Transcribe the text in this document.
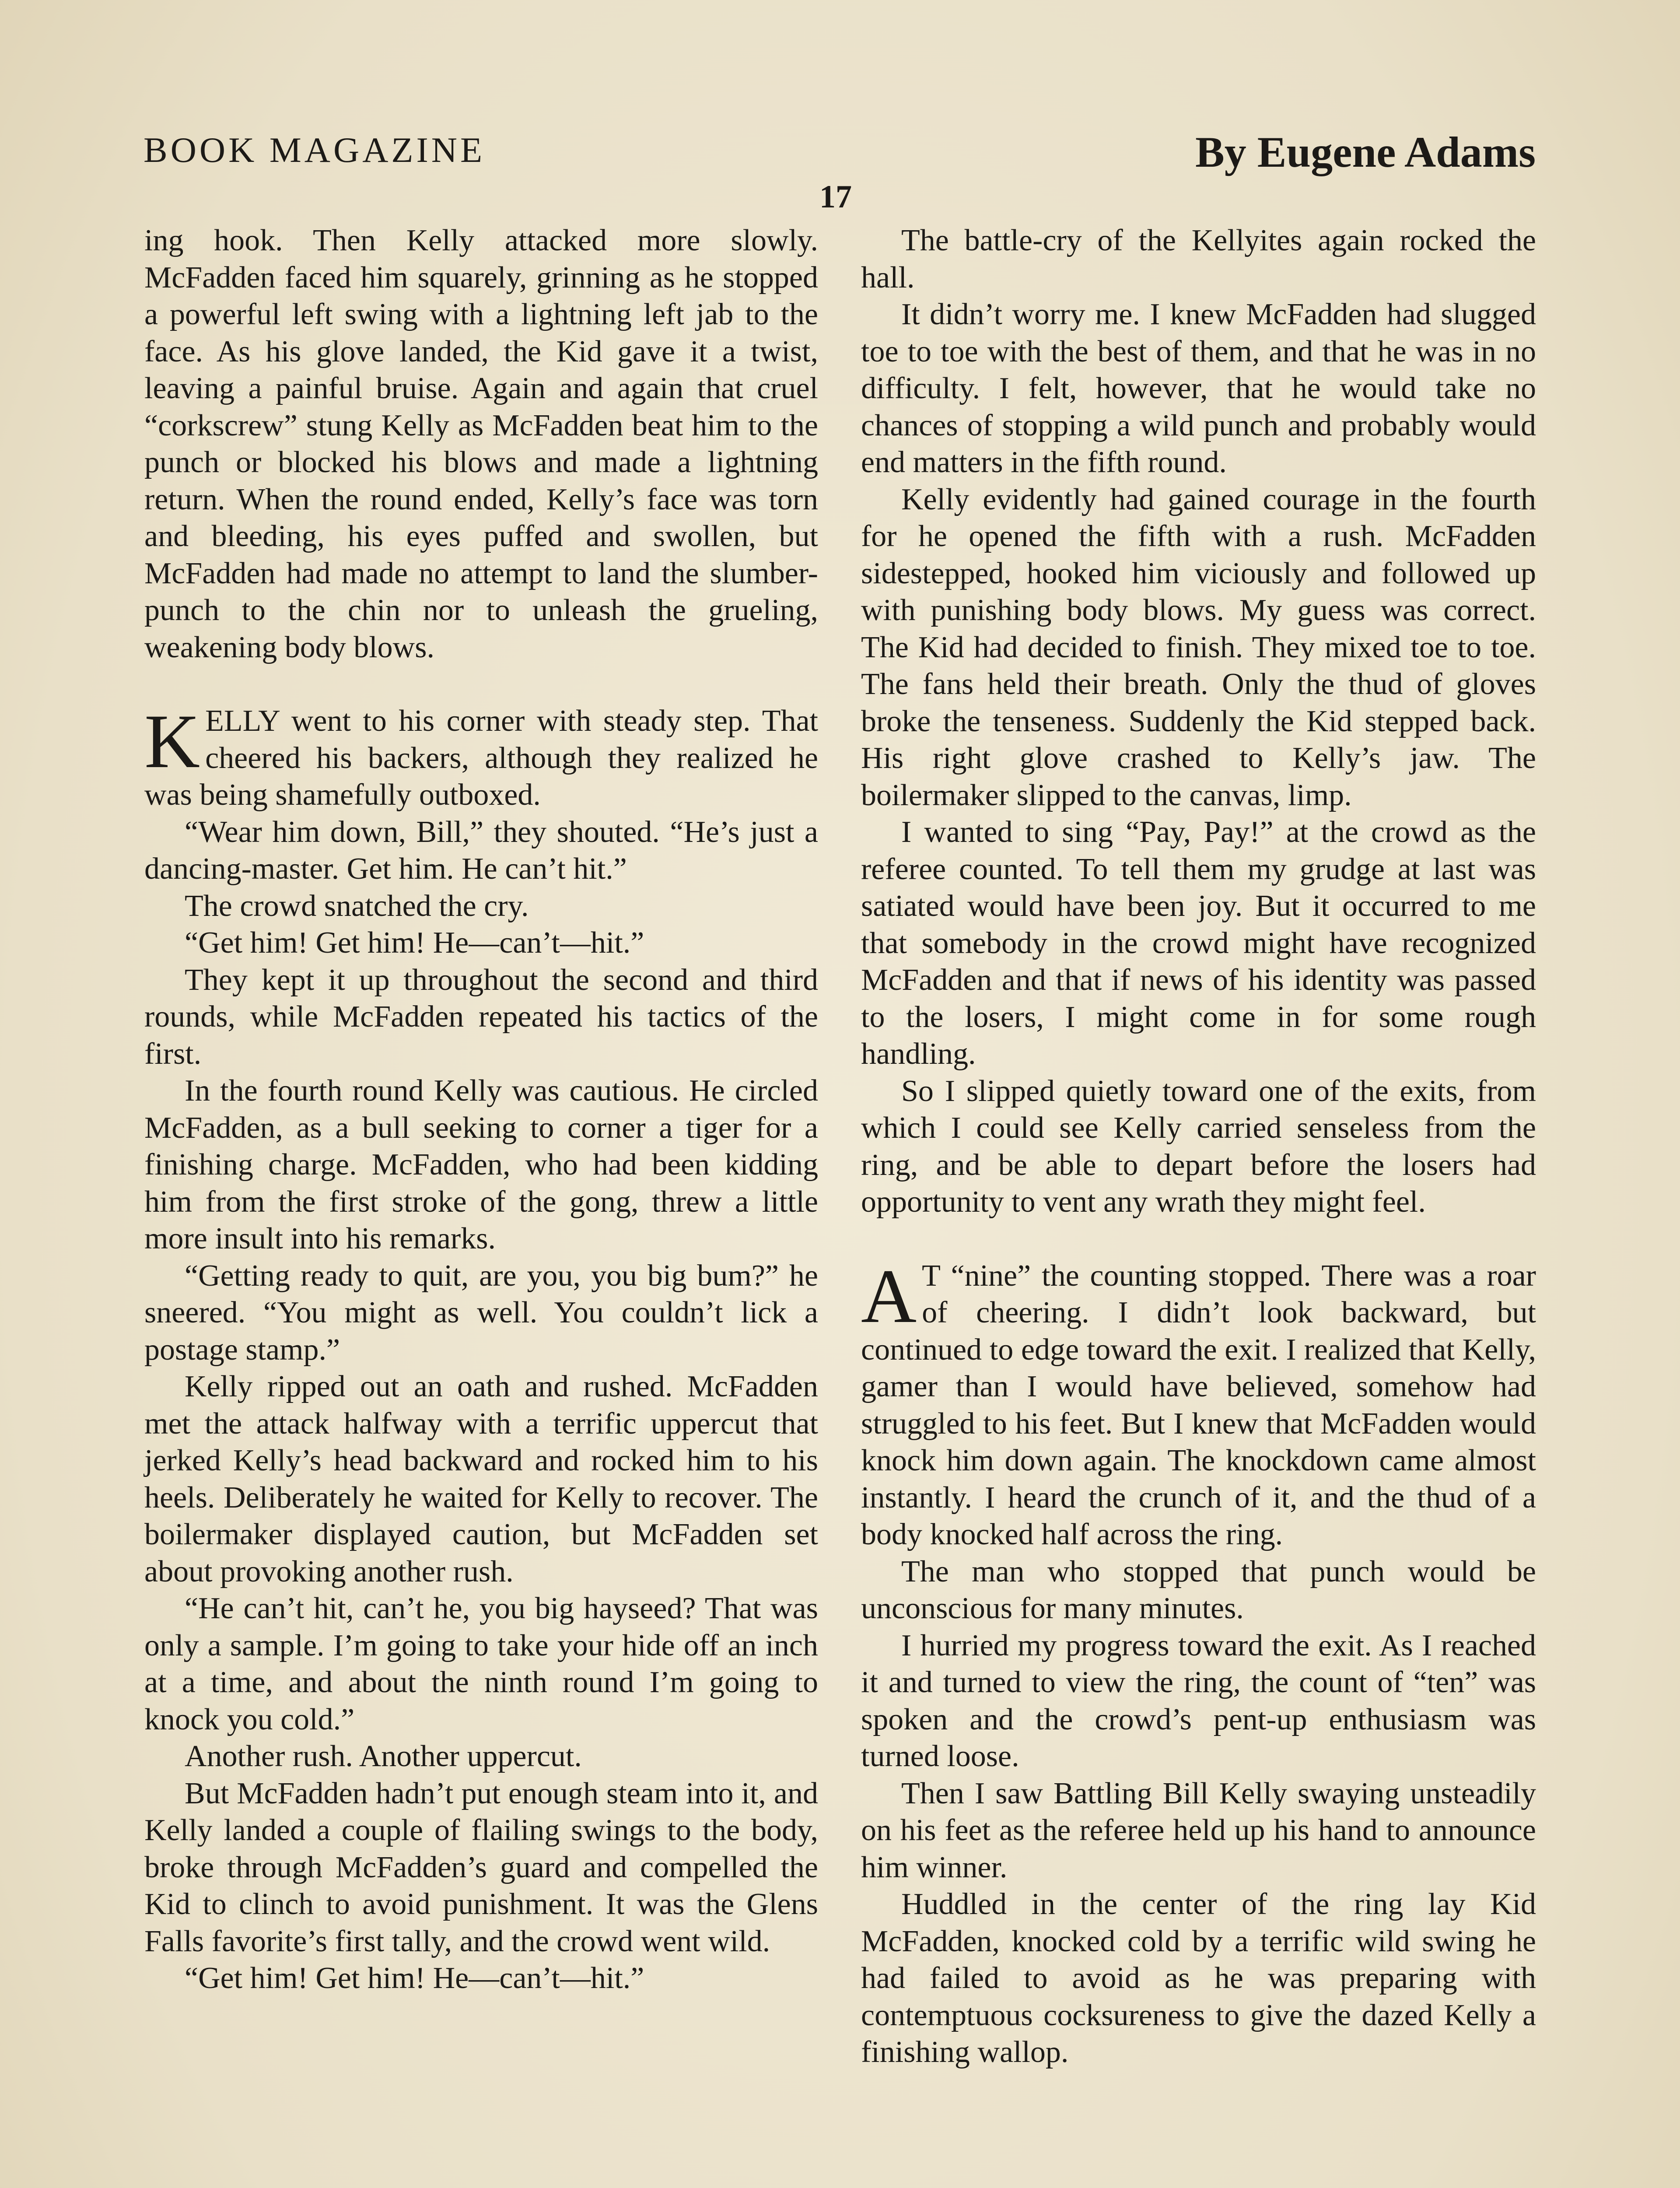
BOOK MAGAZINE	By Eugene Adams
17

ing hook. Then Kelly attacked more slowly. McFadden faced him squarely, grinning as he stopped a powerful left swing with a lightning left jab to the face. As his glove landed, the Kid gave it a twist, leaving a painful bruise. Again and again that cruel “corkscrew” stung Kelly as McFadden beat him to the punch or blocked his blows and made a lightning return. When the round ended, Kelly’s face was torn and bleeding, his eyes puffed and swollen, but McFadden had made no attempt to land the slumber-punch to the chin nor to unleash the grueling, weakening body blows.

KELLY went to his corner with steady step. That cheered his backers, although they realized he was being shamefully outboxed.

“Wear him down, Bill,” they shouted. “He’s just a dancing-master. Get him. He can’t hit.”

The crowd snatched the cry.

“Get him! Get him! He—can’t—hit.”

They kept it up throughout the second and third rounds, while McFadden repeated his tactics of the first.

In the fourth round Kelly was cautious. He circled McFadden, as a bull seeking to corner a tiger for a finishing charge. McFadden, who had been kidding him from the first stroke of the gong, threw a little more insult into his remarks.

“Getting ready to quit, are you, you big bum?” he sneered. “You might as well. You couldn’t lick a postage stamp.”

Kelly ripped out an oath and rushed. McFadden met the attack halfway with a terrific uppercut that jerked Kelly’s head backward and rocked him to his heels. Deliberately he waited for Kelly to recover. The boilermaker displayed caution, but McFadden set about provoking another rush.

“He can’t hit, can’t he, you big hayseed? That was only a sample. I’m going to take your hide off an inch at a time, and about the ninth round I’m going to knock you cold.”

Another rush. Another uppercut.

But McFadden hadn’t put enough steam into it, and Kelly landed a couple of flailing swings to the body, broke through McFadden’s guard and compelled the Kid to clinch to avoid punishment. It was the Glens Falls favorite’s first tally, and the crowd went wild.

“Get him! Get him! He—can’t—hit.”

The battle-cry of the Kellyites again rocked the hall.

It didn’t worry me. I knew McFadden had slugged toe to toe with the best of them, and that he was in no difficulty. I felt, however, that he would take no chances of stopping a wild punch and probably would end matters in the fifth round.

Kelly evidently had gained courage in the fourth for he opened the fifth with a rush. McFadden sidestepped, hooked him viciously and followed up with punishing body blows. My guess was correct. The Kid had decided to finish. They mixed toe to toe. The fans held their breath. Only the thud of gloves broke the tenseness. Suddenly the Kid stepped back. His right glove crashed to Kelly’s jaw. The boilermaker slipped to the canvas, limp.

I wanted to sing “Pay, Pay!” at the crowd as the referee counted. To tell them my grudge at last was satiated would have been joy. But it occurred to me that somebody in the crowd might have recognized McFadden and that if news of his identity was passed to the losers, I might come in for some rough handling.

So I slipped quietly toward one of the exits, from which I could see Kelly carried senseless from the ring, and be able to depart before the losers had opportunity to vent any wrath they might feel.

A T “nine” the counting stopped. There was a roar of cheering. I didn’t look backward, but continued to edge toward the exit. I realized that Kelly, gamer than I would have believed, somehow had struggled to his feet. But I knew that McFadden would knock him down again. The knockdown came almost instantly. I heard the crunch of it, and the thud of a body knocked half across the ring.

The man who stopped that punch would be unconscious for many minutes.

I hurried my progress toward the exit. As I reached it and turned to view the ring, the count of “ten” was spoken and the crowd’s pent-up enthusiasm was turned loose.

Then I saw Battling Bill Kelly swaying unsteadily on his feet as the referee held up his hand to announce him winner.

Huddled in the center of the ring lay Kid McFadden, knocked cold by a terrific wild swing he had failed to avoid as he was preparing with contemptuous cocksureness to give the dazed Kelly a finishing wallop.
